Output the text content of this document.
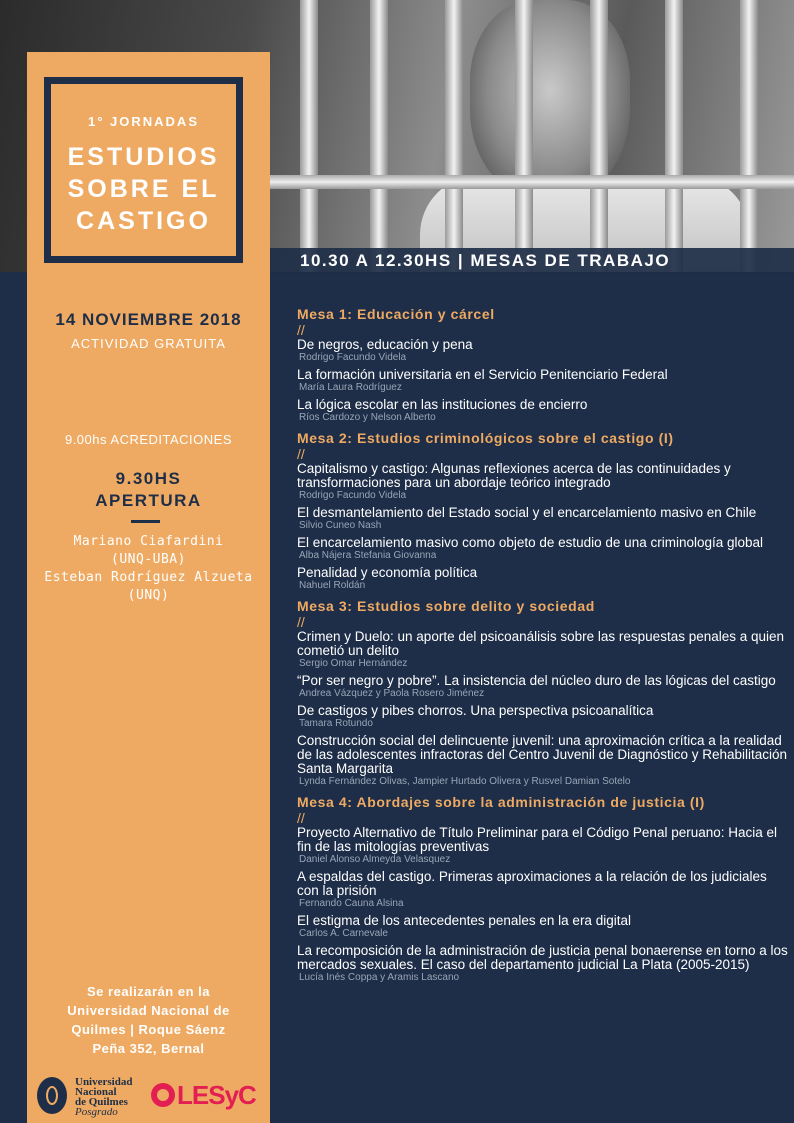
10.30 A 12.30HS | MESAS DE TRABAJO
1° JORNADAS
ESTUDIOS
SOBRE EL
CASTIGO
14 NOVIEMBRE 2018
ACTIVIDAD GRATUITA
9.00hs ACREDITACIONES
9.30HS
APERTURA
Mariano Ciafardini
(UNQ-UBA)
Esteban Rodríguez Alzueta
(UNQ)
Se realizarán en la
Universidad Nacional de
Quilmes | Roque Sáenz
Peña 352, Bernal
Universidad
Nacional
de Quilmes
Posgrado
LESyC
Mesa 1: Educación y cárcel
//
De negros, educación y pena
Rodrigo Facundo Videla
La formación universitaria en el Servicio Penitenciario Federal
María Laura Rodríguez
La lógica escolar en las instituciones de encierro
Ríos Cardozo y Nelson Alberto
Mesa 2: Estudios criminológicos sobre el castigo (I)
//
Capitalismo y castigo: Algunas reflexiones acerca de las continuidades y transformaciones para un abordaje teórico integrado
Rodrigo Facundo Videla
El desmantelamiento del Estado social y el encarcelamiento masivo en Chile
Silvio Cuneo Nash
El encarcelamiento masivo como objeto de estudio de una criminología global
Alba Nájera Stefania Giovanna
Penalidad y economía política
Nahuel Roldán
Mesa 3: Estudios sobre delito y sociedad
//
Crimen y Duelo: un aporte del psicoanálisis sobre las respuestas penales a quien cometió un delito
Sergio Omar Hernández
“Por ser negro y pobre”. La insistencia del núcleo duro de las lógicas del castigo
Andrea Vázquez y Paola Rosero Jiménez
De castigos y pibes chorros. Una perspectiva psicoanalítica
Tamara Rotundo
Construcción social del delincuente juvenil: una aproximación crítica a la realidad de las adolescentes infractoras del Centro Juvenil de Diagnóstico y Rehabilitación Santa Margarita
Lynda Fernández Olivas, Jampier Hurtado Olivera y Rusvel Damian Sotelo
Mesa 4: Abordajes sobre la administración de justicia (I)
//
Proyecto Alternativo de Título Preliminar para el Código Penal peruano: Hacia el fin de las mitologías preventivas
Daniel Alonso Almeyda Velasquez
A espaldas del castigo. Primeras aproximaciones a la relación de los judiciales con la prisión
Fernando Cauna Alsina
El estigma de los antecedentes penales en la era digital
Carlos A. Carnevale
La recomposición de la administración de justicia penal bonaerense en torno a los mercados sexuales. El caso del departamento judicial La Plata (2005-2015)
Lucía Inés Coppa y Aramis Lascano
